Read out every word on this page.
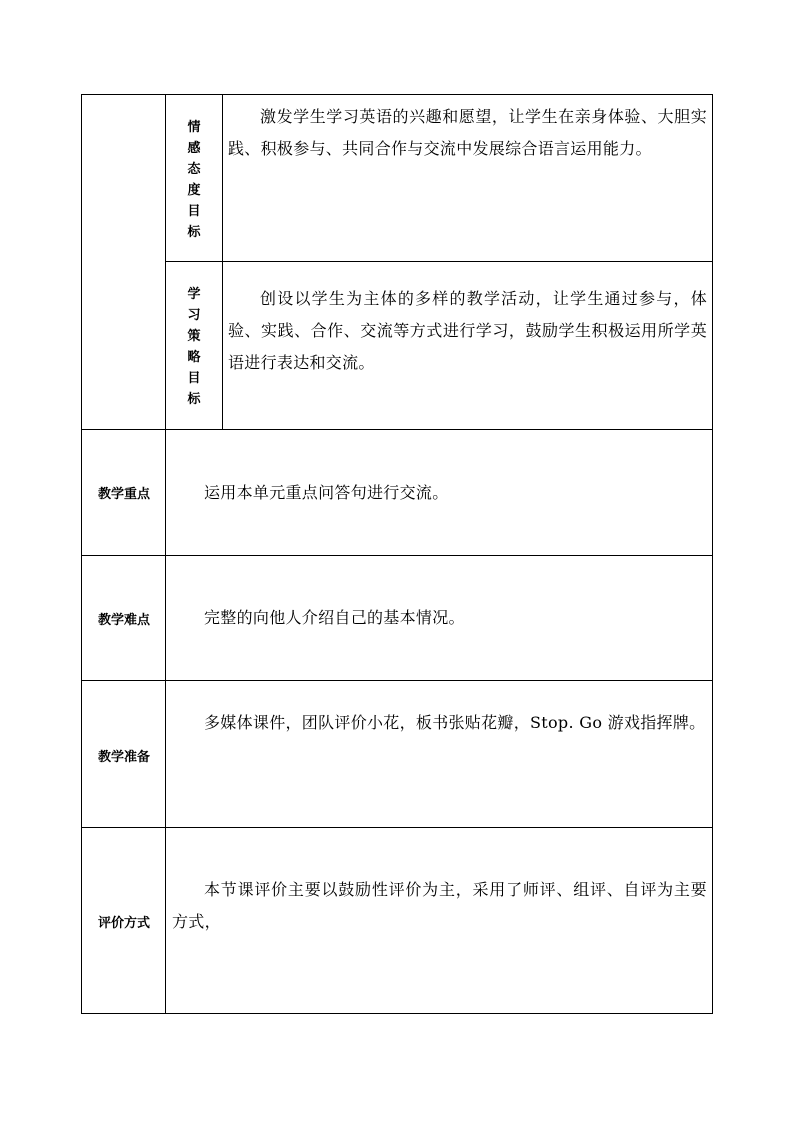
情
感
态
度
目
标
激发学生学习英语的兴趣和愿望，让学生在亲身体验、大胆实践、积极参与、共同合作与交流中发展综合语言运用能力。
学
习
策
略
目
标
创设以学生为主体的多样的教学活动，让学生通过参与，体验、实践、合作、交流等方式进行学习，鼓励学生积极运用所学英语进行表达和交流。
教学重点	运用本单元重点问答句进行交流。
教学难点	完整的向他人介绍自己的基本情况。
教学准备
多媒体课件，团队评价小花，板书张贴花瓣，Stop. Go 游戏指挥牌。
评价方式
本节课评价主要以鼓励性评价为主，采用了师评、组评、自评为主要方式，
